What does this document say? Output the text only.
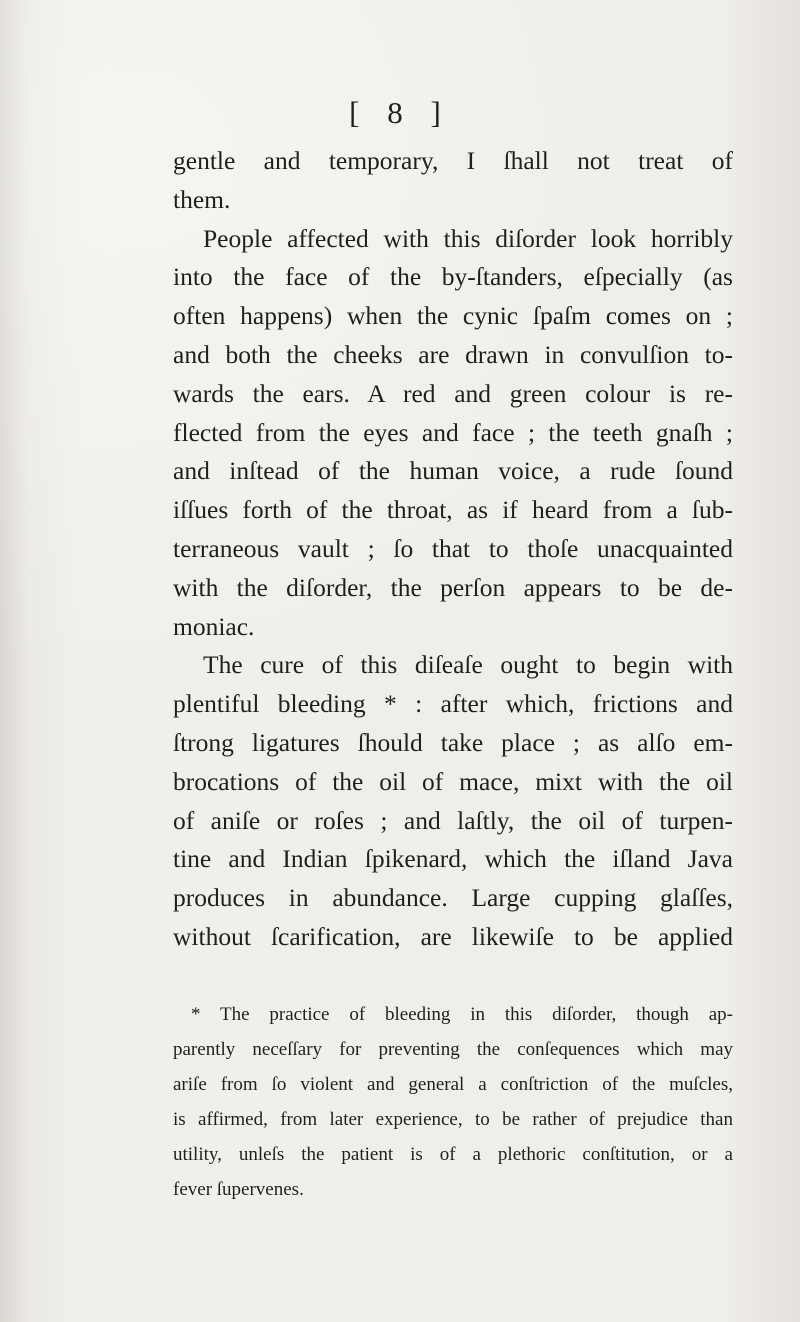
[ 8 ]
gentle and temporary, I ſhall not treat of
them.
People affected with this diſorder look horribly
into the face of the by-ſtanders, eſpecially (as
often happens) when the cynic ſpaſm comes on ;
and both the cheeks are drawn in convulſion to-
wards the ears. A red and green colour is re-
flected from the eyes and face ; the teeth gnaſh ;
and inſtead of the human voice, a rude ſound
iſſues forth of the throat, as if heard from a ſub-
terraneous vault ; ſo that to thoſe unacquainted
with the diſorder, the perſon appears to be de-
moniac.
The cure of this diſeaſe ought to begin with
plentiful bleeding * : after which, frictions and
ſtrong ligatures ſhould take place ; as alſo em-
brocations of the oil of mace, mixt with the oil
of aniſe or roſes ; and laſtly, the oil of turpen-
tine and Indian ſpikenard, which the iſland Java
produces in abundance. Large cupping glaſſes,
without ſcarification, are likewiſe to be applied
* The practice of bleeding in this diſorder, though ap-
parently neceſſary for preventing the conſequences which may
ariſe from ſo violent and general a conſtriction of the muſcles,
is affirmed, from later experience, to be rather of prejudice than
utility, unleſs the patient is of a plethoric conſtitution, or a
fever ſupervenes.
